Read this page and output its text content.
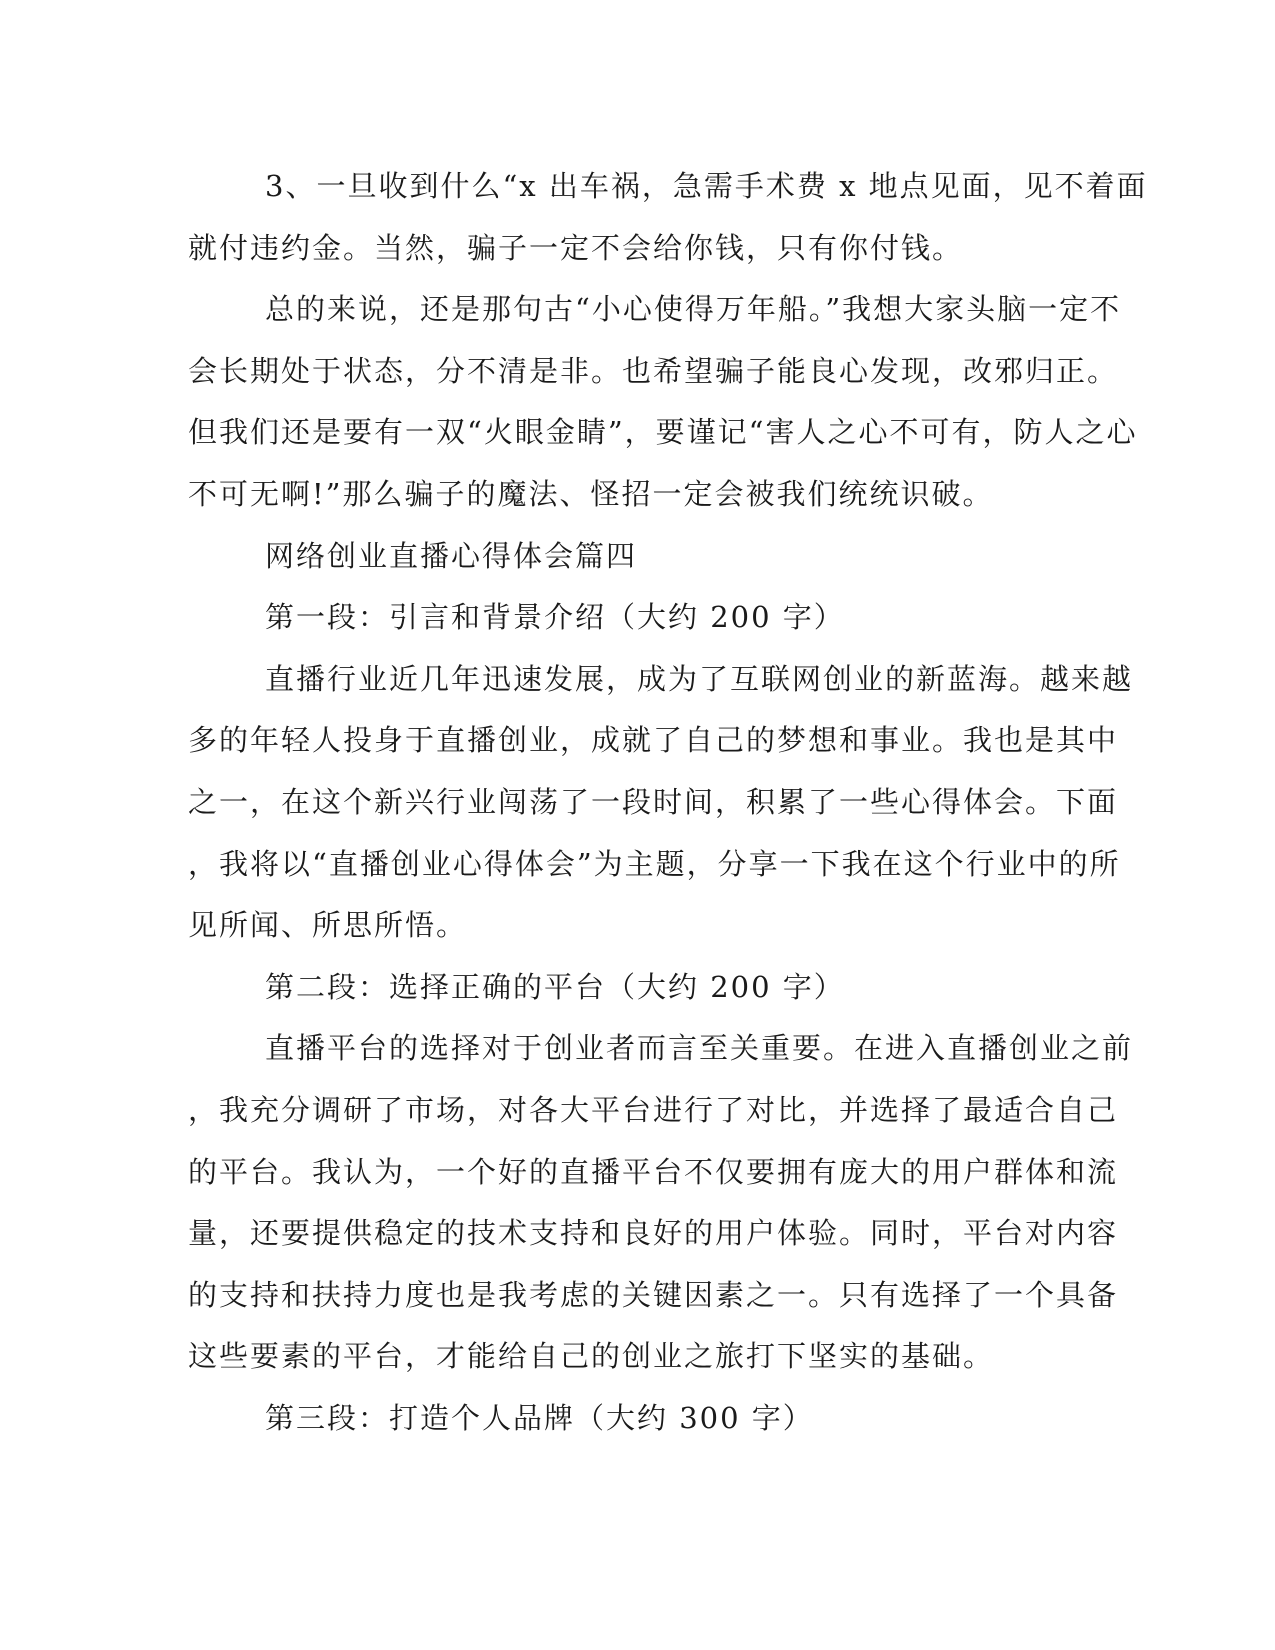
3、一旦收到什么“x 出车祸，急需手术费 x 地点见面，见不着面
就付违约金。当然，骗子一定不会给你钱，只有你付钱。
总的来说，还是那句古“小心使得万年船。”我想大家头脑一定不
会长期处于状态，分不清是非。也希望骗子能良心发现，改邪归正。
但我们还是要有一双“火眼金睛”，要谨记“害人之心不可有，防人之心
不可无啊!”那么骗子的魔法、怪招一定会被我们统统识破。
网络创业直播心得体会篇四
第一段：引言和背景介绍（大约 200 字）
直播行业近几年迅速发展，成为了互联网创业的新蓝海。越来越
多的年轻人投身于直播创业，成就了自己的梦想和事业。我也是其中
之一，在这个新兴行业闯荡了一段时间，积累了一些心得体会。下面
，我将以“直播创业心得体会”为主题，分享一下我在这个行业中的所
见所闻、所思所悟。
第二段：选择正确的平台（大约 200 字）
直播平台的选择对于创业者而言至关重要。在进入直播创业之前
，我充分调研了市场，对各大平台进行了对比，并选择了最适合自己
的平台。我认为，一个好的直播平台不仅要拥有庞大的用户群体和流
量，还要提供稳定的技术支持和良好的用户体验。同时，平台对内容
的支持和扶持力度也是我考虑的关键因素之一。只有选择了一个具备
这些要素的平台，才能给自己的创业之旅打下坚实的基础。
第三段：打造个人品牌（大约 300 字）
